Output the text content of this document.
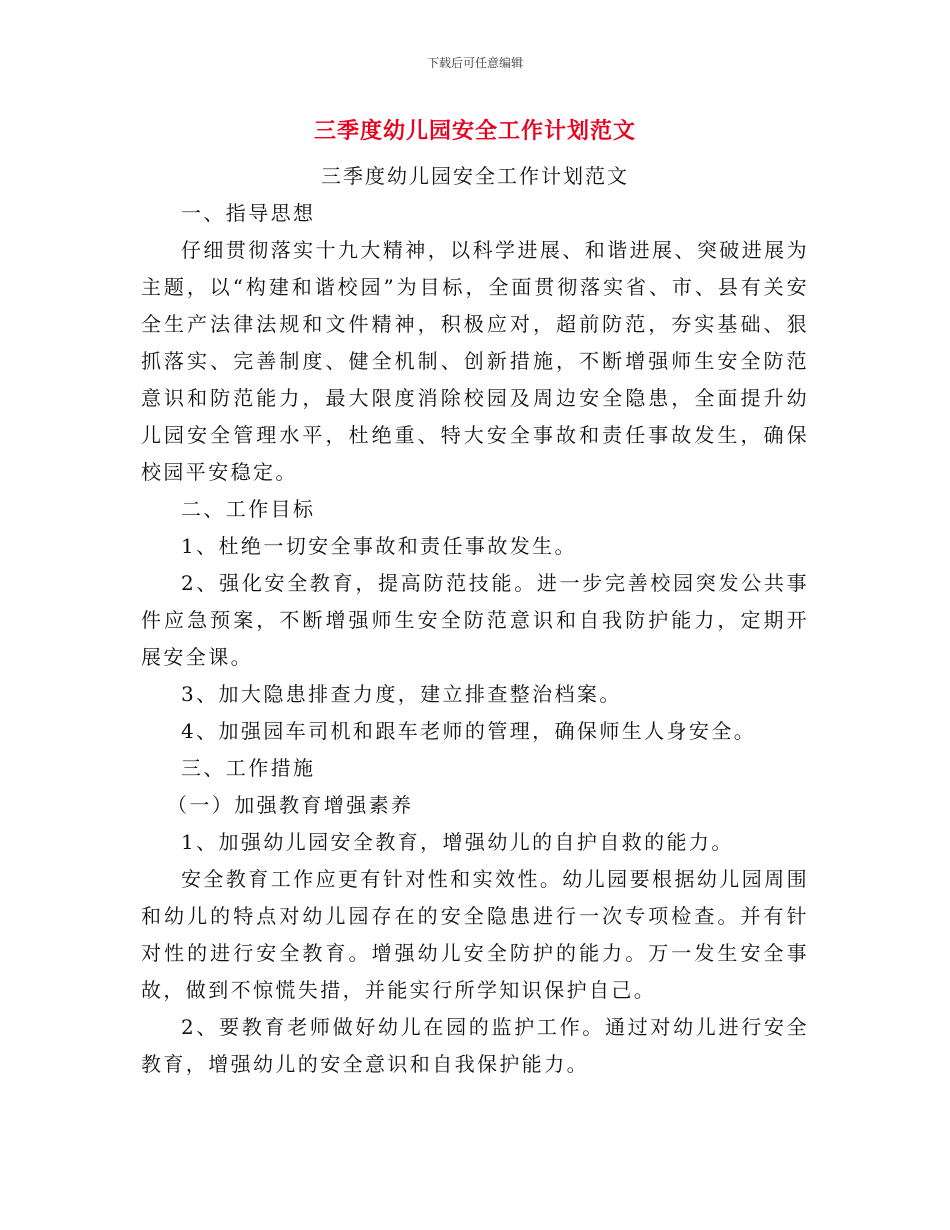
下载后可任意编辑
三季度幼儿园安全工作计划范文

三季度幼儿园安全工作计划范文

一、指导思想

仔细贯彻落实十九大精神，以科学进展、和谐进展、突破进展为主题，以“构建和谐校园”为目标，全面贯彻落实省、市、县有关安全生产法律法规和文件精神，积极应对，超前防范，夯实基础、狠抓落实、完善制度、健全机制、创新措施，不断增强师生安全防范意识和防范能力，最大限度消除校园及周边安全隐患，全面提升幼儿园安全管理水平，杜绝重、特大安全事故和责任事故发生，确保校园平安稳定。

二、工作目标

1、杜绝一切安全事故和责任事故发生。

2、强化安全教育，提高防范技能。进一步完善校园突发公共事件应急预案，不断增强师生安全防范意识和自我防护能力，定期开展安全课。

3、加大隐患排查力度，建立排查整治档案。

4、加强园车司机和跟车老师的管理，确保师生人身安全。

三、工作措施

（一）加强教育增强素养

1、加强幼儿园安全教育，增强幼儿的自护自救的能力。

安全教育工作应更有针对性和实效性。幼儿园要根据幼儿园周围和幼儿的特点对幼儿园存在的安全隐患进行一次专项检查。并有针对性的进行安全教育。增强幼儿安全防护的能力。万一发生安全事故，做到不惊慌失措，并能实行所学知识保护自己。

2、要教育老师做好幼儿在园的监护工作。通过对幼儿进行安全教育，增强幼儿的安全意识和自我保护能力。
